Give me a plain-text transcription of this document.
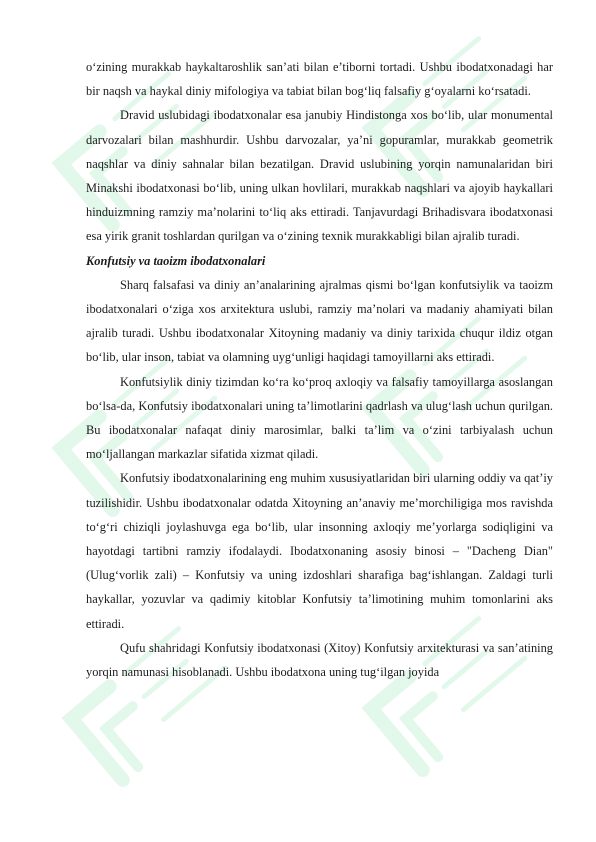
o‘zining murakkab haykaltaroshlik san’ati bilan e’tiborni tortadi. Ushbu ibodatxonadagi har bir naqsh va haykal diniy mifologiya va tabiat bilan bog‘liq falsafiy g‘oyalarni ko‘rsatadi.

Dravid uslubidagi ibodatxonalar esa janubiy Hindistonga xos bo‘lib, ular monumental darvozalari bilan mashhurdir. Ushbu darvozalar, ya’ni gopuramlar, murakkab geometrik naqshlar va diniy sahnalar bilan bezatilgan. Dravid uslubining yorqin namunalaridan biri Minakshi ibodatxonasi bo‘lib, uning ulkan hovlilari, murakkab naqshlari va ajoyib haykallari hinduizmning ramziy ma’nolarini to‘liq aks ettiradi. Tanjavurdagi Brihadisvara ibodatxonasi esa yirik granit toshlardan qurilgan va o‘zining texnik murakkabligi bilan ajralib turadi.

Konfutsiy va taoizm ibodatxonalari

Sharq falsafasi va diniy an’analarining ajralmas qismi bo‘lgan konfutsiylik va taoizm ibodatxonalari o‘ziga xos arxitektura uslubi, ramziy ma’nolari va madaniy ahamiyati bilan ajralib turadi. Ushbu ibodatxonalar Xitoyning madaniy va diniy tarixida chuqur ildiz otgan bo‘lib, ular inson, tabiat va olamning uyg‘unligi haqidagi tamoyillarni aks ettiradi.

Konfutsiylik diniy tizimdan ko‘ra ko‘proq axloqiy va falsafiy tamoyillarga asoslangan bo‘lsa-da, Konfutsiy ibodatxonalari uning ta’limotlarini qadrlash va ulug‘lash uchun qurilgan. Bu ibodatxonalar nafaqat diniy marosimlar, balki ta’lim va o‘zini tarbiyalash uchun mo‘ljallangan markazlar sifatida xizmat qiladi.

Konfutsiy ibodatxonalarining eng muhim xususiyatlaridan biri ularning oddiy va qat’iy tuzilishidir. Ushbu ibodatxonalar odatda Xitoyning an’anaviy me’morchiligiga mos ravishda to‘g‘ri chiziqli joylashuvga ega bo‘lib, ular insonning axloqiy me’yorlarga sodiqligini va hayotdagi tartibni ramziy ifodalaydi. Ibodatxonaning asosiy binosi – "Dacheng Dian" (Ulug‘vorlik zali) – Konfutsiy va uning izdoshlari sharafiga bag‘ishlangan. Zaldagi turli haykallar, yozuvlar va qadimiy kitoblar Konfutsiy ta’limotining muhim tomonlarini aks ettiradi.

Qufu shahridagi Konfutsiy ibodatxonasi (Xitoy) Konfutsiy arxitekturasi va san’atining yorqin namunasi hisoblanadi. Ushbu ibodatxona uning tug‘ilgan joyida
